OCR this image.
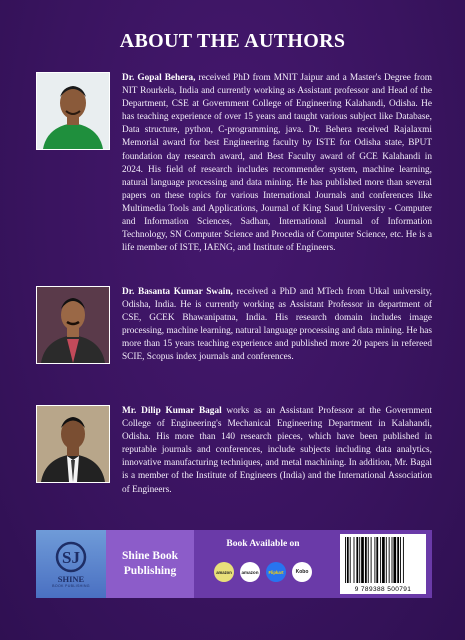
ABOUT THE AUTHORS
Dr. Gopal Behera, received PhD from MNIT Jaipur and a Master's Degree from NIT Rourkela, India and currently working as Assistant professor and Head of the Department, CSE at Government College of Engineering Kalahandi, Odisha. He has teaching experience of over 15 years and taught various subject like Database, Data structure, python, C-programming, java. Dr. Behera received Rajalaxmi Memorial award for best Engineering faculty by ISTE for Odisha state, BPUT foundation day research award, and Best Faculty award of GCE Kalahandi in 2024. His field of research includes recommender system, machine learning, natural language processing and data mining. He has published more than several papers on these topics for various International Journals and conferences like Multimedia Tools and Applications, Journal of King Saud University - Computer and Information Sciences, Sadhan, International Journal of Information Technology, SN Computer Science and Procedia of Computer Science, etc. He is a life member of ISTE, IAENG, and Institute of Engineers.
Dr. Basanta Kumar Swain, received a PhD and MTech from Utkal university, Odisha, India. He is currently working as Assistant Professor in department of CSE, GCEK Bhawanipatna, India. His research domain includes image processing, machine learning, natural language processing and data mining. He has more than 15 years teaching experience and published more 20 papers in refereed SCIE, Scopus index journals and conferences.
Mr. Dilip Kumar Bagal works as an Assistant Professor at the Government College of Engineering's Mechanical Engineering Department in Kalahandi, Odisha. His more than 140 research pieces, which have been published in reputable journals and conferences, include subjects including data analytics, innovative manufacturing techniques, and metal machining. In addition, Mr. Bagal is a member of the Institute of Engineers (India) and the International Association of Engineers.
SJ
SHINE
BOOK PUBLISHING
Shine Book
Publishing
Book Available on
amazon amazon Flipkart Kobo
9 789388 500791
